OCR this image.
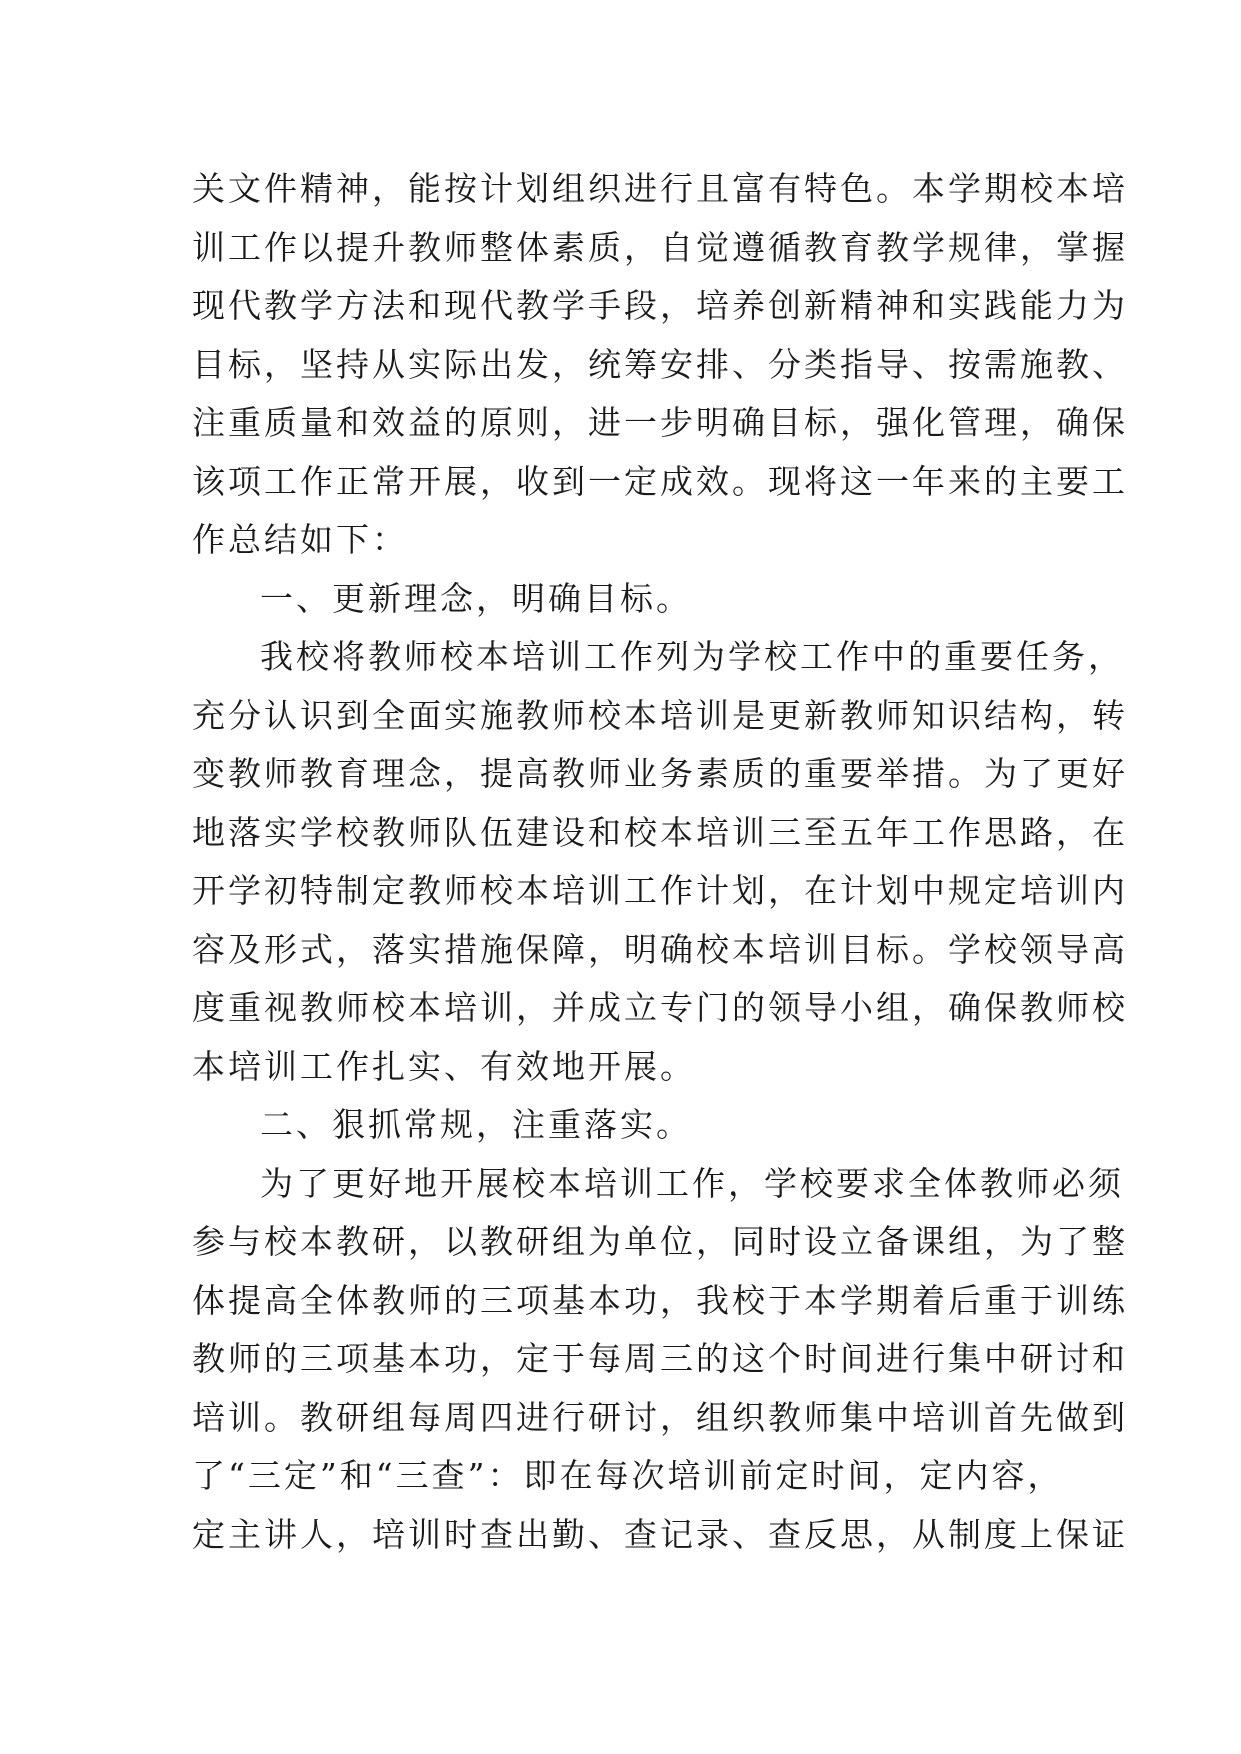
关文件精神，能按计划组织进行且富有特色。本学期校本培
训工作以提升教师整体素质，自觉遵循教育教学规律，掌握
现代教学方法和现代教学手段，培养创新精神和实践能力为
目标，坚持从实际出发，统筹安排、分类指导、按需施教、
注重质量和效益的原则，进一步明确目标，强化管理，确保
该项工作正常开展，收到一定成效。现将这一年来的主要工
作总结如下：
一、更新理念，明确目标。
我校将教师校本培训工作列为学校工作中的重要任务，
充分认识到全面实施教师校本培训是更新教师知识结构，转
变教师教育理念，提高教师业务素质的重要举措。为了更好
地落实学校教师队伍建设和校本培训三至五年工作思路，在
开学初特制定教师校本培训工作计划，在计划中规定培训内
容及形式，落实措施保障，明确校本培训目标。学校领导高
度重视教师校本培训，并成立专门的领导小组，确保教师校
本培训工作扎实、有效地开展。
二、狠抓常规，注重落实。
为了更好地开展校本培训工作，学校要求全体教师必须
参与校本教研，以教研组为单位，同时设立备课组，为了整
体提高全体教师的三项基本功，我校于本学期着后重于训练
教师的三项基本功，定于每周三的这个时间进行集中研讨和
培训。教研组每周四进行研讨，组织教师集中培训首先做到
了“三定”和“三查”：即在每次培训前定时间，定内容，
定主讲人，培训时查出勤、查记录、查反思，从制度上保证
